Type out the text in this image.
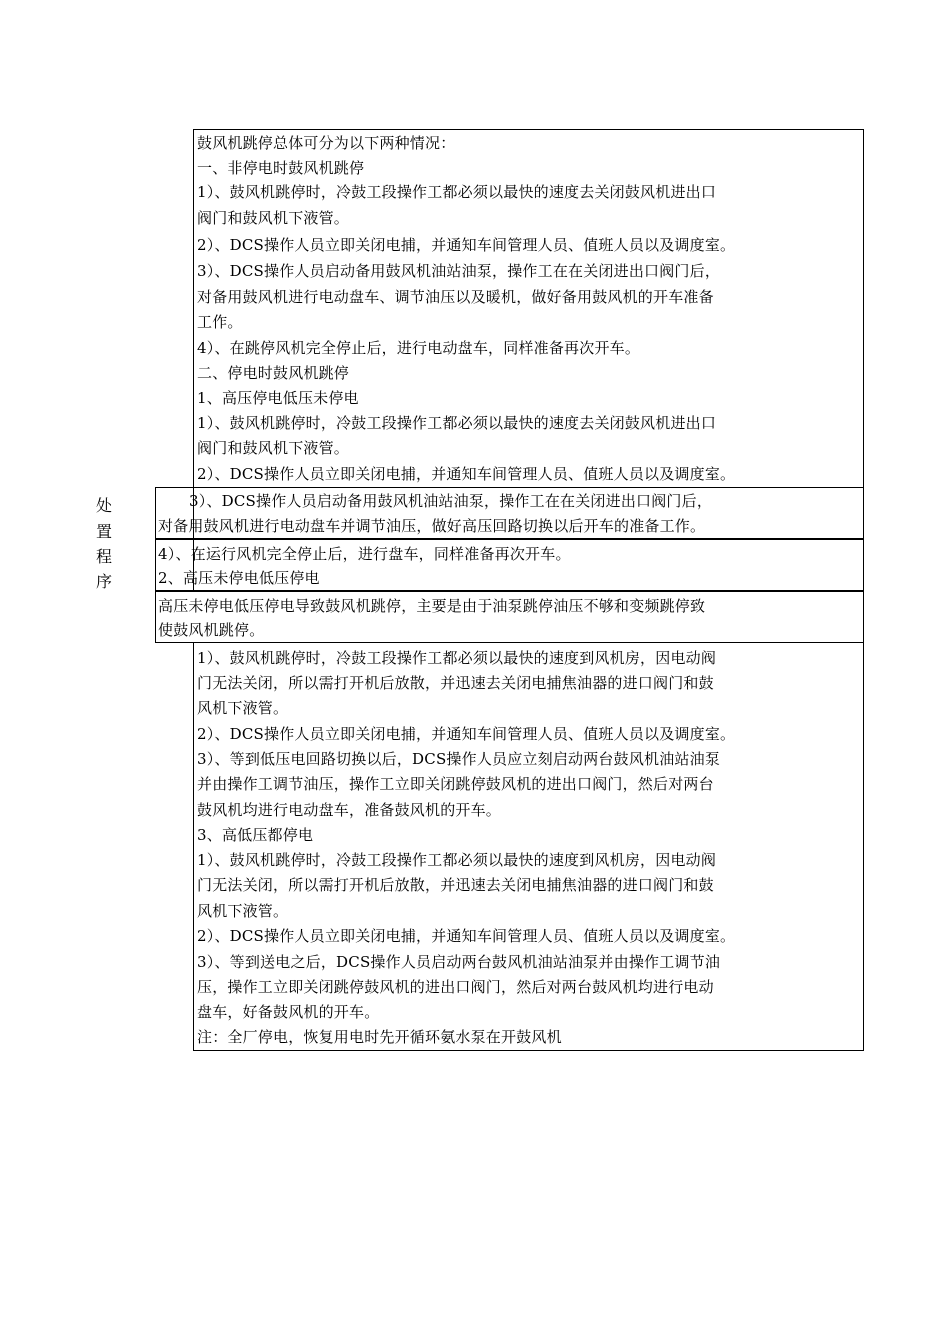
处
置
程
序
鼓风机跳停总体可分为以下两种情况：
一、非停电时鼓风机跳停
1）、鼓风机跳停时，冷鼓工段操作工都必须以最快的速度去关闭鼓风机进出口
阀门和鼓风机下液管。
2）、DCS操作人员立即关闭电捕，并通知车间管理人员、值班人员以及调度室。
3）、DCS操作人员启动备用鼓风机油站油泵，操作工在在关闭进出口阀门后，
对备用鼓风机进行电动盘车、调节油压以及暖机，做好备用鼓风机的开车准备
工作。
4）、在跳停风机完全停止后，进行电动盘车，同样准备再次开车。
二、停电时鼓风机跳停
1、高压停电低压未停电
1）、鼓风机跳停时，冷鼓工段操作工都必须以最快的速度去关闭鼓风机进出口
阀门和鼓风机下液管。
2）、DCS操作人员立即关闭电捕，并通知车间管理人员、值班人员以及调度室。
3）、DCS操作人员启动备用鼓风机油站油泵，操作工在在关闭进出口阀门后，
对备用鼓风机进行电动盘车并调节油压，做好高压回路切换以后开车的准备工作。
4）、在运行风机完全停止后，进行盘车，同样准备再次开车。
2、高压未停电低压停电
高压未停电低压停电导致鼓风机跳停，主要是由于油泵跳停油压不够和变频跳停致
使鼓风机跳停。
1）、鼓风机跳停时，冷鼓工段操作工都必须以最快的速度到风机房，因电动阀
门无法关闭，所以需打开机后放散，并迅速去关闭电捕焦油器的进口阀门和鼓
风机下液管。
2）、DCS操作人员立即关闭电捕，并通知车间管理人员、值班人员以及调度室。
3）、等到低压电回路切换以后，DCS操作人员应立刻启动两台鼓风机油站油泵
并由操作工调节油压，操作工立即关闭跳停鼓风机的进出口阀门，然后对两台
鼓风机均进行电动盘车，准备鼓风机的开车。
3、高低压都停电
1）、鼓风机跳停时，冷鼓工段操作工都必须以最快的速度到风机房，因电动阀
门无法关闭，所以需打开机后放散，并迅速去关闭电捕焦油器的进口阀门和鼓
风机下液管。
2）、DCS操作人员立即关闭电捕，并通知车间管理人员、值班人员以及调度室。
3）、等到送电之后，DCS操作人员启动两台鼓风机油站油泵并由操作工调节油
压，操作工立即关闭跳停鼓风机的进出口阀门，然后对两台鼓风机均进行电动
盘车，好备鼓风机的开车。
注：全厂停电，恢复用电时先开循环氨水泵在开鼓风机
